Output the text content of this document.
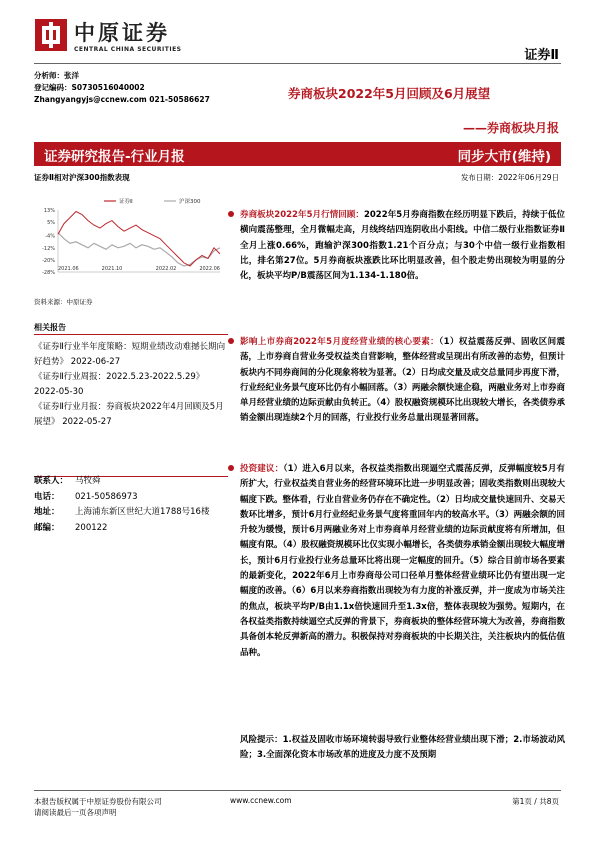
中原证券
CENTRAL CHINA SECURITIES	证券Ⅱ
分析师：张洋
登记编码：S0730516040002
Zhangyangyjs@ccnew.com 021-50586627	券商板块2022年5月回顾及6月展望
——券商板块月报
证券研究报告-行业月报	同步大市(维持)
证券Ⅱ相对沪深300指数表现	发布日期：2022年06月29日
13%
5%
-4%
-12%
-20%
-28%
2021.06	2021.10	2022.02	2022.06
证券Ⅱ	沪深300
资料来源：中原证券
相关报告
《证券Ⅱ行业半年度策略：短期业绩改动难撼长期向好趋势》 2022-06-27
《证券Ⅱ行业周报：2022.5.23-2022.5.29》 2022-05-30
《证券Ⅱ行业月报：券商板块2022年4月回顾及5月展望》 2022-05-27
联系人： 马牧舜
电话： 021-50586973
地址： 上海浦东新区世纪大道1788号16楼
邮编： 200122
券商板块2022年5月行情回顾：2022年5月券商指数在经历明显下跌后，持续于低位横向震荡整理，全月微幅走高，月线终结四连阴收出小阳线。中信二级行业指数证券Ⅱ全月上涨0.66%，跑输沪深300指数1.21个百分点；与30个中信一级行业指数相比，排名第27位。5月券商板块涨跌比环比明显改善，但个股走势出现较为明显的分化，板块平均P/B震荡区间为1.134-1.180倍。
影响上市券商2022年5月度经营业绩的核心要素：（1）权益震荡反弹、固收区间震荡，上市券商自营业务受权益类自营影响，整体经营或呈现出有所改善的态势，但预计板块内不同券商间的分化现象将较为显著。（2）日均成交量及成交总量同步再度下滑，行业经纪业务景气度环比仍有小幅回落。（3）两融余额快速企稳，两融业务对上市券商单月经营业绩的边际贡献由负转正。（4）股权融资规模环比出现较大增长，各类债券承销金额出现连续2个月的回落，行业投行业务总量出现显著回落。
投资建议：（1）进入6月以来，各权益类指数出现逼空式震荡反弹，反弹幅度较5月有所扩大，行业权益类自营业务的经营环境环比进一步明显改善；固收类指数则出现较大幅度下跌。整体看，行业自营业务仍存在不确定性。（2）日均成交量快速回升、交易天数环比增多，预计6月行业经纪业务景气度将重回年内的较高水平。（3）两融余额的回升较为缓慢，预计6月两融业务对上市券商单月经营业绩的边际贡献度将有所增加，但幅度有限。（4）股权融资规模环比仅实现小幅增长，各类债券承销金额出现较大幅度增长，预计6月行业投行业务总量环比将出现一定幅度的回升。（5）综合目前市场各要素的最新变化，2022年6月上市券商母公司口径单月整体经营业绩环比仍有望出现一定幅度的改善。（6）6月以来券商指数出现较为有力度的补涨反弹，并一度成为市场关注的焦点，板块平均P/B由1.1x倍快速回升至1.3x倍，整体表现较为强势。短期内，在各权益类指数持续逼空式反弹的背景下，券商板块的整体经营环境大为改善，券商指数具备创本轮反弹新高的潜力。积极保持对券商板块的中长期关注，关注板块内的低估值品种。
风险提示：1.权益及固收市场环境转弱导致行业整体经营业绩出现下滑；2.市场波动风险；3.全面深化资本市场改革的进度及力度不及预期
本报告版权属于中原证券股份有限公司
请阅读最后一页各项声明
www.ccnew.com	第1页 / 共8页
